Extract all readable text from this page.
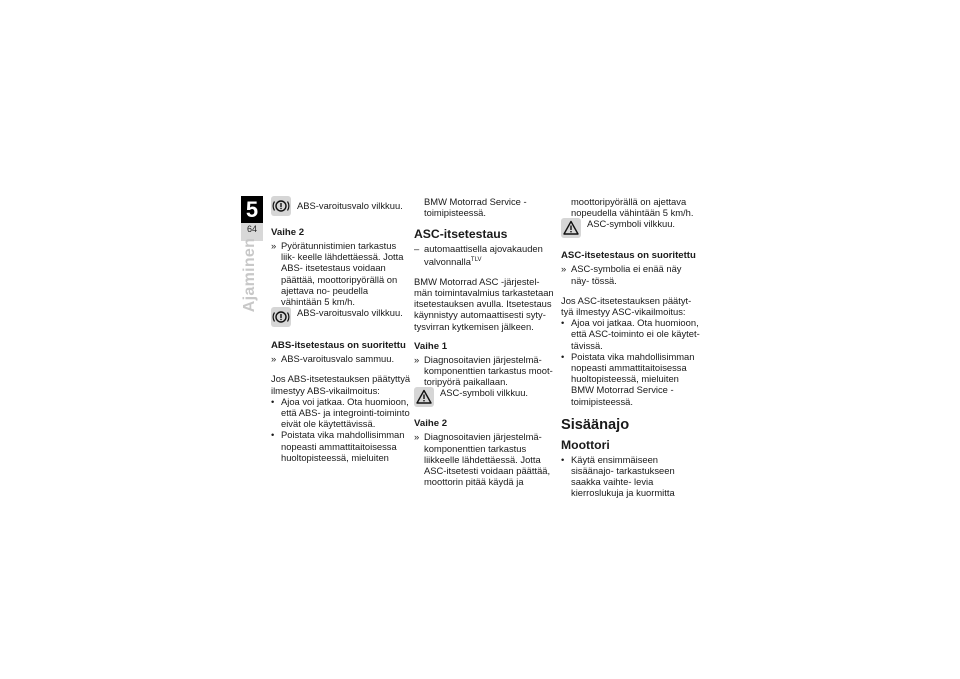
5
64
Ajaminen
ABS-varoitusvalo vilkkuu.
Vaihe 2
» Pyörätunnistimien tarkastus liik- keelle lähdettäessä. Jotta ABS- itsetestaus voidaan päättää, moottoripyörällä on ajettava no- peudella vähintään 5 km/h.
ABS-varoitusvalo vilkkuu.
ABS-itsetestaus on suoritettu
» ABS-varoitusvalo sammuu.
Jos ABS-itsetestauksen päätyttyä ilmestyy ABS-vikailmoitus:
• Ajoa voi jatkaa. Ota huomioon, että ABS- ja integrointi-toiminto eivät ole käytettävissä.
• Poistata vika mahdollisimman nopeasti ammattitaitoisessa huoltopisteessä, mieluiten
BMW Motorrad Service - toimipisteessä.
ASC-itsetestaus
– automaattisella ajovakauden valvonnalla$^{TLV}$
BMW Motorrad ASC -järjestel- män toimintavalmius tarkastetaan itsetestauksen avulla. Itsetestaus käynnistyy automaattisesti syty- tysvirran kytkemisen jälkeen.
Vaihe 1
» Diagnosoitavien järjestelmä- komponenttien tarkastus moot- toripyörä paikallaan.
ASC-symboli vilkkuu.
Vaihe 2
» Diagnosoitavien järjestelmä- komponenttien tarkastus liikkeelle lähdettäessä. Jotta ASC-itsetesti voidaan päättää, moottorin pitää käydä ja
moottoripyörällä on ajettava nopeudella vähintään 5 km/h.
ASC-symboli vilkkuu.
ASC-itsetestaus on suoritettu
» ASC-symbolia ei enää näy näy- tössä.
Jos ASC-itsetestauksen päätyt- tyä ilmestyy ASC-vikailmoitus:
• Ajoa voi jatkaa. Ota huomioon, että ASC-toiminto ei ole käytet- tävissä.
• Poistata vika mahdollisimman nopeasti ammattitaitoisessa huoltopisteessä, mieluiten BMW Motorrad Service - toimipisteessä.
Sisäänajo
Moottori
• Käytä ensimmäiseen sisäänajo- tarkastukseen saakka vaihte- levia kierroslukuja ja kuormitta
